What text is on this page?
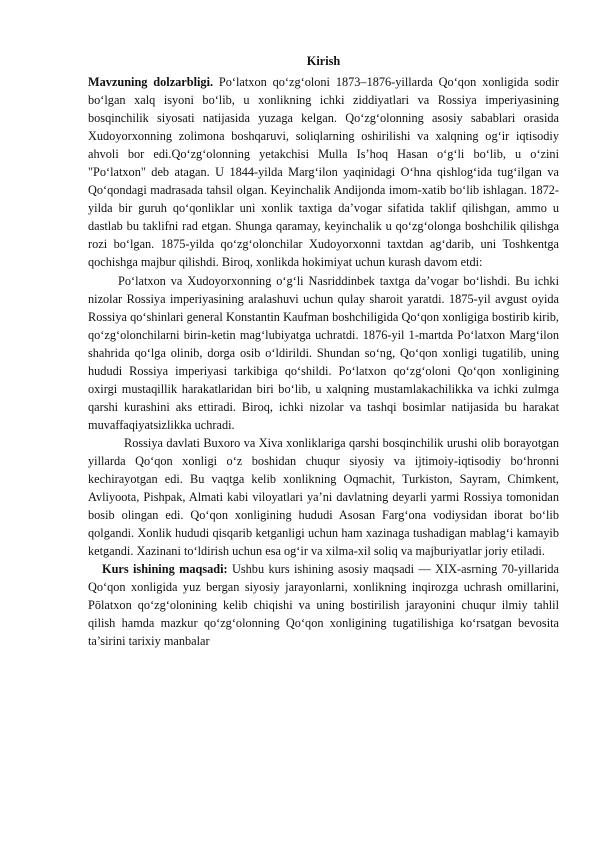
Kirish

Mavzuning dolzarbligi. Po‘latxon qo‘zg‘oloni 1873–1876-yillarda Qo‘qon xonligida sodir bo‘lgan xalq isyoni bo‘lib, u xonlikning ichki ziddiyatlari va Rossiya imperiyasining bosqinchilik siyosati natijasida yuzaga kelgan. Qo‘zg‘olonning asosiy sabablari orasida Xudoyorxonning zolimona boshqaruvi, soliqlarning oshirilishi va xalqning og‘ir iqtisodiy ahvoli bor edi.Qo‘zg‘olonning yetakchisi Mulla Is’hoq Hasan o‘g‘li bo‘lib, u o‘zini "Po‘latxon" deb atagan. U 1844-yilda Marg‘ilon yaqinidagi O‘hna qishlog‘ida tug‘ilgan va Qo‘qondagi madrasada tahsil olgan. Keyinchalik Andijonda imom-xatib bo‘lib ishlagan. 1872-yilda bir guruh qo‘qonliklar uni xonlik taxtiga da’vogar sifatida taklif qilishgan, ammo u dastlab bu taklifni rad etgan. Shunga qaramay, keyinchalik u qo‘zg‘olonga boshchilik qilishga rozi bo‘lgan. 1875-yilda qo‘zg‘olonchilar Xudoyorxonni taxtdan ag‘darib, uni Toshkentga qochishga majbur qilishdi. Biroq, xonlikda hokimiyat uchun kurash davom etdi:

Po‘latxon va Xudoyorxonning o‘g‘li Nasriddinbek taxtga da’vogar bo‘lishdi. Bu ichki nizolar Rossiya imperiyasining aralashuvi uchun qulay sharoit yaratdi. 1875-yil avgust oyida Rossiya qo‘shinlari general Konstantin Kaufman boshchiligida Qo‘qon xonligiga bostirib kirib, qo‘zg‘olonchilarni birin-ketin mag‘lubiyatga uchratdi. 1876-yil 1-martda Po‘latxon Marg‘ilon shahrida qo‘lga olinib, dorga osib o‘ldirildi. Shundan so‘ng, Qo‘qon xonligi tugatilib, uning hududi Rossiya imperiyasi tarkibiga qo‘shildi. Po‘latxon qo‘zg‘oloni Qo‘qon xonligining oxirgi mustaqillik harakatlaridan biri bo‘lib, u xalqning mustamlakachilikka va ichki zulmga qarshi kurashini aks ettiradi. Biroq, ichki nizolar va tashqi bosimlar natijasida bu harakat muvaffaqiyatsizlikka uchradi.

Rossiya davlati Buxoro va Xiva xonliklariga qarshi bosqinchilik urushi olib borayotgan yillarda Qo‘qon xonligi o‘z boshidan chuqur siyosiy va ijtimoiy-iqtisodiy bo‘hronni kechirayotgan edi. Bu vaqtga kelib xonlikning Oqmachit, Turkiston, Sayram, Chimkent, Avliyoota, Pishpak, Almati kabi viloyatlari ya’ni davlatning deyarli yarmi Rossiya tomonidan bosib olingan edi. Qo‘qon xonligining hududi Asosan Farg‘ona vodiysidan iborat bo‘lib qolgandi. Xonlik hududi qisqarib ketganligi uchun ham xazinaga tushadigan mablag‘i kamayib ketgandi. Xazinani to‘ldirish uchun esa og‘ir va xilma-xil soliq va majburiyatlar joriy etiladi.

Kurs ishining maqsadi: Ushbu kurs ishining asosiy maqsadi — XIX-asrning 70-yillarida Qo‘qon xonligida yuz bergan siyosiy jarayonlarni, xonlikning inqirozga uchrash omillarini, Pōlatxon qo‘zg‘olonining kelib chiqishi va uning bostirilish jarayonini chuqur ilmiy tahlil qilish hamda mazkur qo‘zg‘olonning Qo‘qon xonligining tugatilishiga ko‘rsatgan bevosita ta’sirini tarixiy manbalar
